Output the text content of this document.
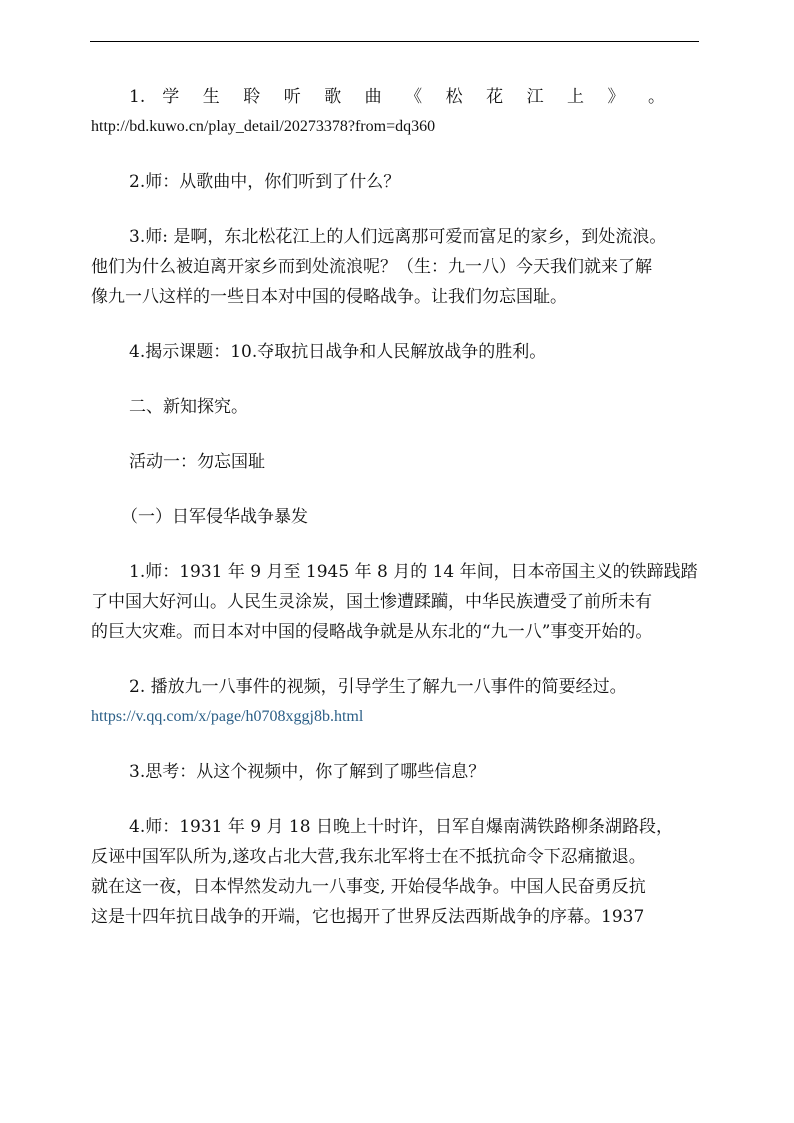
1.　学 生 聆 听 歌 曲 《 松 花 江 上 》 。
http://bd.kuwo.cn/play_detail/20273378?from=dq360
2.师：从歌曲中，你们听到了什么？
3.师: 是啊，东北松花江上的人们远离那可爱而富足的家乡，到处流浪。
他们为什么被迫离开家乡而到处流浪呢？（生：九一八）今天我们就来了解
像九一八这样的一些日本对中国的侵略战争。让我们勿忘国耻。
4.揭示课题：10.夺取抗日战争和人民解放战争的胜利。
二、新知探究。
活动一：勿忘国耻
（一）日军侵华战争暴发
1.师：1931 年 9 月至 1945 年 8 月的 14 年间，日本帝国主义的铁蹄践踏
了中国大好河山。人民生灵涂炭，国土惨遭蹂躏，中华民族遭受了前所未有
的巨大灾难。而日本对中国的侵略战争就是从东北的“九一八”事变开始的。
2. 播放九一八事件的视频，引导学生了解九一八事件的简要经过。
https://v.qq.com/x/page/h0708xggj8b.html
3.思考：从这个视频中，你了解到了哪些信息？
4.师：1931 年 9 月 18 日晚上十时许，日军自爆南满铁路柳条湖路段，
反诬中国军队所为,遂攻占北大营,我东北军将士在不抵抗命令下忍痛撤退。
就在这一夜，日本悍然发动九一八事变, 开始侵华战争。中国人民奋勇反抗
这是十四年抗日战争的开端，它也揭开了世界反法西斯战争的序幕。1937
